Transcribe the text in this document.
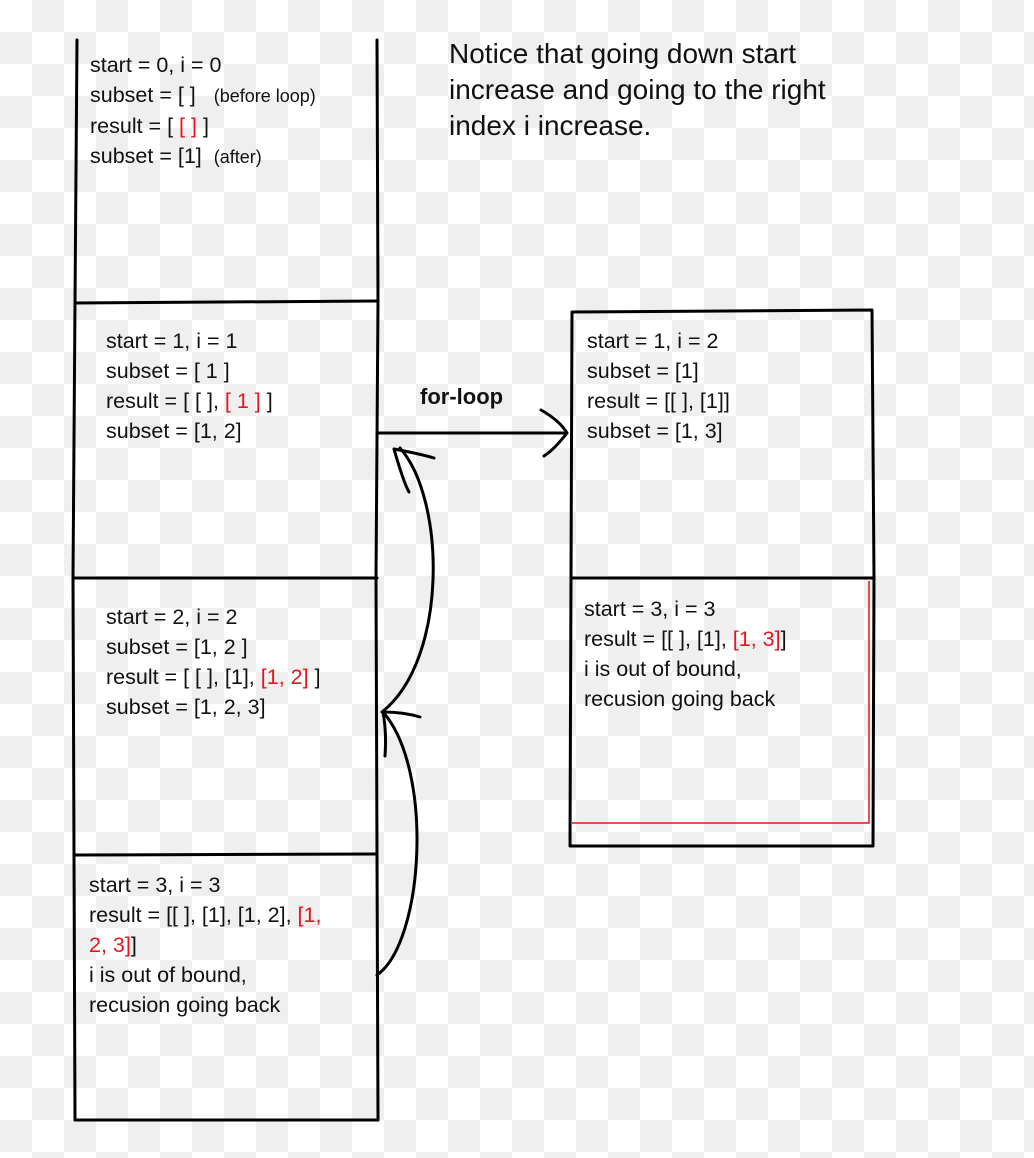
Notice that going down start increase and going to the right index i increase.
for-loop
start = 0, i = 0
subset = [ ] (before loop)
result = [ [ ] ]
subset = [1] (after)
start = 1, i = 1
subset = [ 1 ]
result = [ [ ], [ 1 ] ]
subset = [1, 2]
start = 2, i = 2
subset = [1, 2 ]
result = [ [ ], [1], [1, 2] ]
subset = [1, 2, 3]
start = 3, i = 3
result = [[ ], [1], [1, 2], [1,
2, 3]]
i is out of bound,
recusion going back
start = 1, i = 2
subset = [1]
result = [[ ], [1]]
subset = [1, 3]
start = 3, i = 3
result = [[ ], [1], [1, 3]]
i is out of bound,
recusion going back
